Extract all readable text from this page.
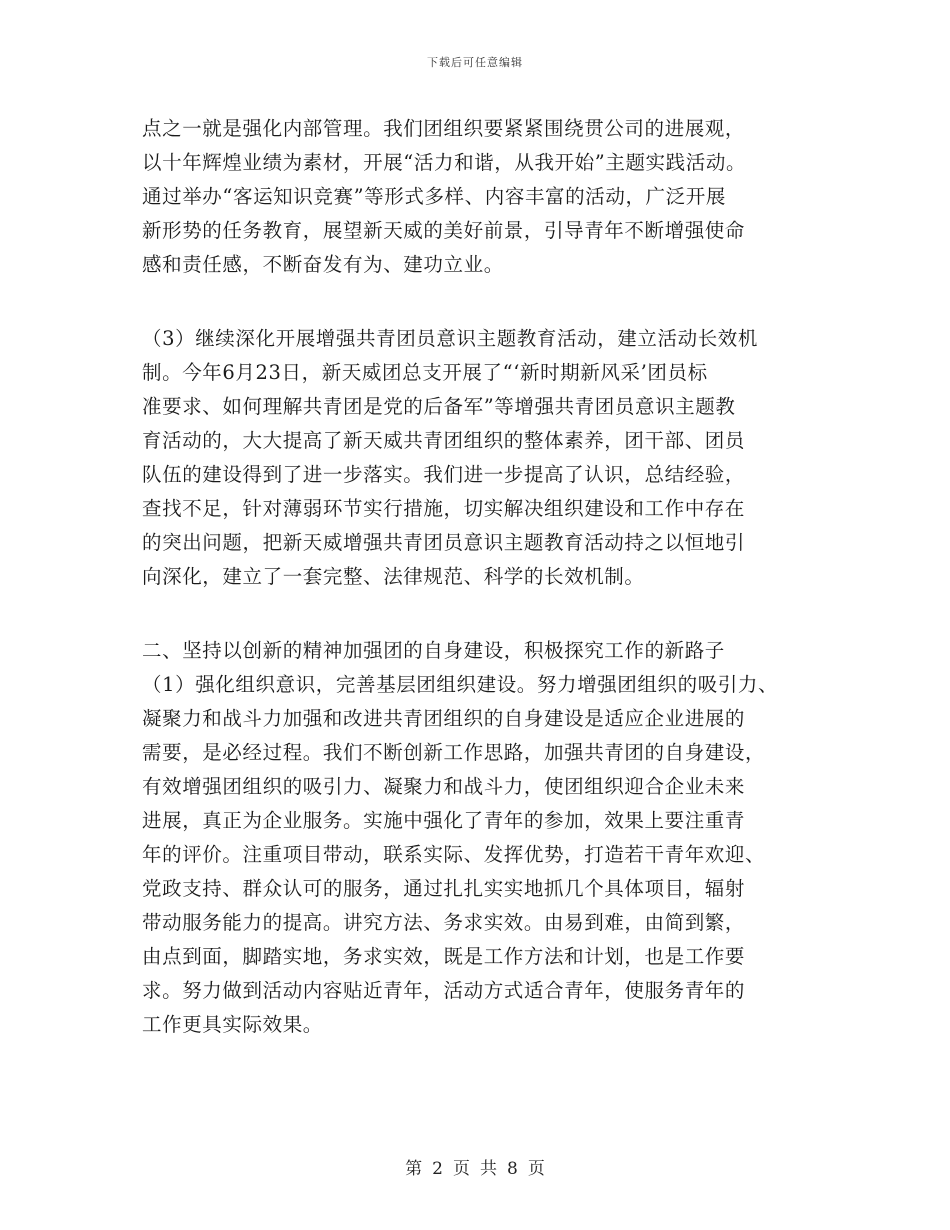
下载后可任意编辑
点之一就是强化内部管理。我们团组织要紧紧围绕贯公司的进展观，
以十年辉煌业绩为素材，开展“活力和谐，从我开始”主题实践活动。
通过举办“客运知识竞赛”等形式多样、内容丰富的活动，广泛开展
新形势的任务教育，展望新天威的美好前景，引导青年不断增强使命
感和责任感，不断奋发有为、建功立业。
（3）继续深化开展增强共青团员意识主题教育活动，建立活动长效机
制。今年6月23日，新天威团总支开展了“‘新时期新风采’团员标
准要求、如何理解共青团是党的后备军”等增强共青团员意识主题教
育活动的，大大提高了新天威共青团组织的整体素养，团干部、团员
队伍的建设得到了进一步落实。我们进一步提高了认识，总结经验，
查找不足，针对薄弱环节实行措施，切实解决组织建设和工作中存在
的突出问题，把新天威增强共青团员意识主题教育活动持之以恒地引
向深化，建立了一套完整、法律规范、科学的长效机制。
二、坚持以创新的精神加强团的自身建设，积极探究工作的新路子
（1）强化组织意识，完善基层团组织建设。努力增强团组织的吸引力、
凝聚力和战斗力加强和改进共青团组织的自身建设是适应企业进展的
需要，是必经过程。我们不断创新工作思路，加强共青团的自身建设，
有效增强团组织的吸引力、凝聚力和战斗力，使团组织迎合企业未来
进展，真正为企业服务。实施中强化了青年的参加，效果上要注重青
年的评价。注重项目带动，联系实际、发挥优势，打造若干青年欢迎、
党政支持、群众认可的服务，通过扎扎实实地抓几个具体项目，辐射
带动服务能力的提高。讲究方法、务求实效。由易到难，由简到繁，
由点到面，脚踏实地，务求实效，既是工作方法和计划，也是工作要
求。努力做到活动内容贴近青年，活动方式适合青年，使服务青年的
工作更具实际效果。
第 2 页 共 8 页
